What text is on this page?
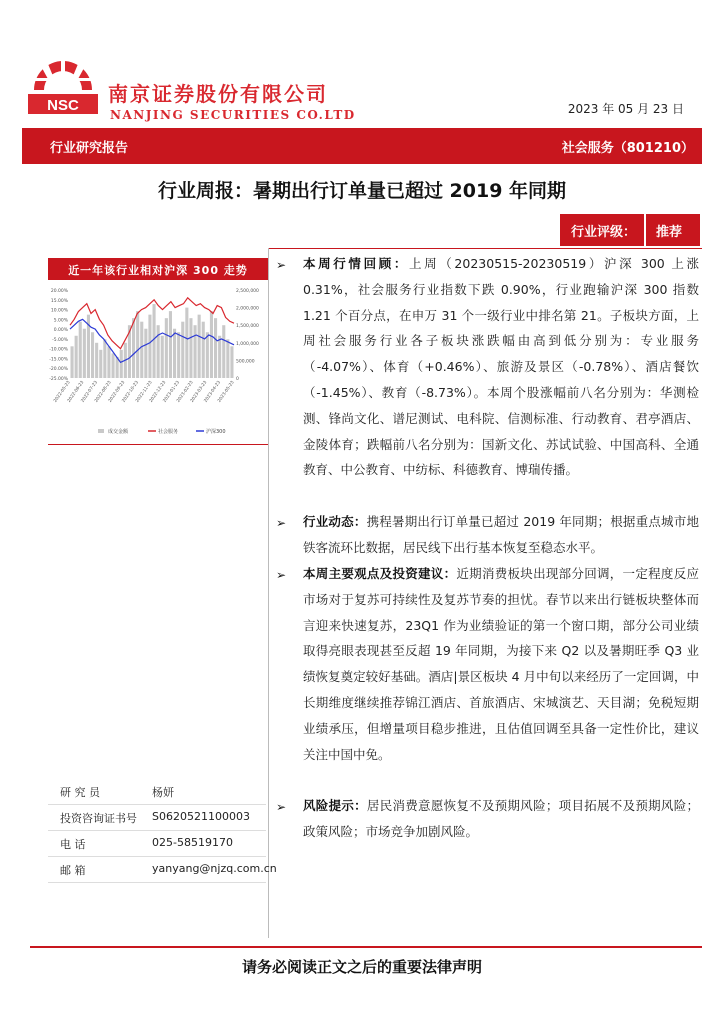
NSC 南京证券股份有限公司
NANJING SECURITIES CO.LTD	2023 年 05 月 23 日
行业研究报告	社会服务（801210）
行业周报：暑期出行订单量已超过 2019 年同期
行业评级： 推荐
近一年该行业相对沪深 300 走势
20.00%
15.00%
10.00%
5.00%
0.00%
-5.00%
-10.00%
-15.00%
-20.00%
-25.00%
2,500,000
2,000,000
1,500,000
1,000,000
500,000
0
2022-05-23
2022-06-23
2022-07-23
2022-08-23
2022-09-23
2022-10-23
2022-11-23
2022-12-23
2023-01-23
2023-02-23
2023-03-23
2023-04-23
2023-05-23
成交金额	社会服务	沪深300
研 究 员	杨妍
投资咨询证书号 S0620521100003
电 话	025-58519170
邮 箱	yanyang@njzq.com.cn
➢ 本周行情回顾：上周（20230515-20230519）沪深 300 上涨 0.31%，社会服务行业指数下跌 0.90%，行业跑输沪深 300 指数 1.21 个百分点，在申万 31 个一级行业中排名第 21。子板块方面，上周社会服务行业各子板块涨跌幅由高到低分别为：专业服务（-4.07%）、体育（+0.46%）、旅游及景区（-0.78%）、酒店餐饮（-1.45%）、教育（-8.73%）。本周个股涨幅前八名分别为：华测检测、锋尚文化、谱尼测试、电科院、信测标准、行动教育、君亭酒店、金陵体育；跌幅前八名分别为：国新文化、苏试试验、中国高科、全通教育、中公教育、中纺标、科德教育、博瑞传播。
➢ 行业动态：携程暑期出行订单量已超过 2019 年同期；根据重点城市地铁客流环比数据，居民线下出行基本恢复至稳态水平。
➢ 本周主要观点及投资建议：近期消费板块出现部分回调，一定程度反应市场对于复苏可持续性及复苏节奏的担忧。春节以来出行链板块整体而言迎来快速复苏，23Q1 作为业绩验证的第一个窗口期，部分公司业绩取得亮眼表现甚至反超 19 年同期，为接下来 Q2 以及暑期旺季 Q3 业绩恢复奠定较好基础。酒店|景区板块 4 月中旬以来经历了一定回调，中长期维度继续推荐锦江酒店、首旅酒店、宋城演艺、天目湖；免税短期业绩承压，但增量项目稳步推进，且估值回调至具备一定性价比，建议关注中国中免。
➢ 风险提示：居民消费意愿恢复不及预期风险；项目拓展不及预期风险；政策风险；市场竞争加剧风险。
请务必阅读正文之后的重要法律声明
